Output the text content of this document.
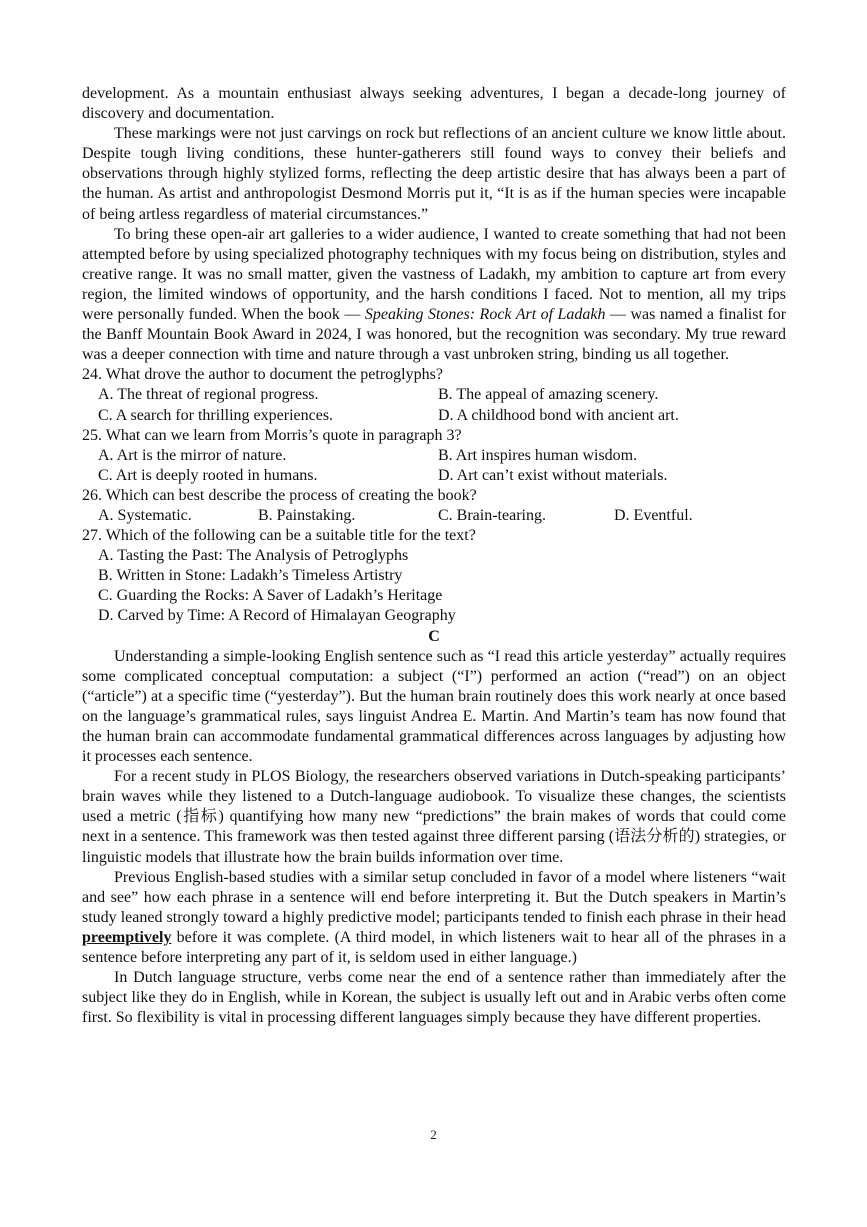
development. As a mountain enthusiast always seeking adventures, I began a decade-long journey of discovery and documentation.
These markings were not just carvings on rock but reflections of an ancient culture we know little about. Despite tough living conditions, these hunter-gatherers still found ways to convey their beliefs and observations through highly stylized forms, reflecting the deep artistic desire that has always been a part of the human. As artist and anthropologist Desmond Morris put it, “It is as if the human species were incapable of being artless regardless of material circumstances.”
To bring these open-air art galleries to a wider audience, I wanted to create something that had not been attempted before by using specialized photography techniques with my focus being on distribution, styles and creative range. It was no small matter, given the vastness of Ladakh, my ambition to capture art from every region, the limited windows of opportunity, and the harsh conditions I faced. Not to mention, all my trips were personally funded. When the book — Speaking Stones: Rock Art of Ladakh — was named a finalist for the Banff Mountain Book Award in 2024, I was honored, but the recognition was secondary. My true reward was a deeper connection with time and nature through a vast unbroken string, binding us all together.
24. What drove the author to document the petroglyphs?
A. The threat of regional progress.	B. The appeal of amazing scenery.
C. A search for thrilling experiences.	D. A childhood bond with ancient art.
25. What can we learn from Morris’s quote in paragraph 3?
A. Art is the mirror of nature.	B. Art inspires human wisdom.
C. Art is deeply rooted in humans.	D. Art can’t exist without materials.
26. Which can best describe the process of creating the book?
A. Systematic.	B. Painstaking.	C. Brain-tearing.	D. Eventful.
27. Which of the following can be a suitable title for the text?
A. Tasting the Past: The Analysis of Petroglyphs
B. Written in Stone: Ladakh’s Timeless Artistry
C. Guarding the Rocks: A Saver of Ladakh’s Heritage
D. Carved by Time: A Record of Himalayan Geography
C
Understanding a simple-looking English sentence such as “I read this article yesterday” actually requires some complicated conceptual computation: a subject (“I”) performed an action (“read”) on an object (“article”) at a specific time (“yesterday”). But the human brain routinely does this work nearly at once based on the language’s grammatical rules, says linguist Andrea E. Martin. And Martin’s team has now found that the human brain can accommodate fundamental grammatical differences across languages by adjusting how it processes each sentence.
For a recent study in PLOS Biology, the researchers observed variations in Dutch-speaking participants’ brain waves while they listened to a Dutch-language audiobook. To visualize these changes, the scientists used a metric (指标) quantifying how many new “predictions” the brain makes of words that could come next in a sentence. This framework was then tested against three different parsing (语法分析的) strategies, or linguistic models that illustrate how the brain builds information over time.
Previous English-based studies with a similar setup concluded in favor of a model where listeners “wait and see” how each phrase in a sentence will end before interpreting it. But the Dutch speakers in Martin’s study leaned strongly toward a highly predictive model; participants tended to finish each phrase in their head preemptively before it was complete. (A third model, in which listeners wait to hear all of the phrases in a sentence before interpreting any part of it, is seldom used in either language.)
In Dutch language structure, verbs come near the end of a sentence rather than immediately after the subject like they do in English, while in Korean, the subject is usually left out and in Arabic verbs often come first. So flexibility is vital in processing different languages simply because they have different properties.
2
